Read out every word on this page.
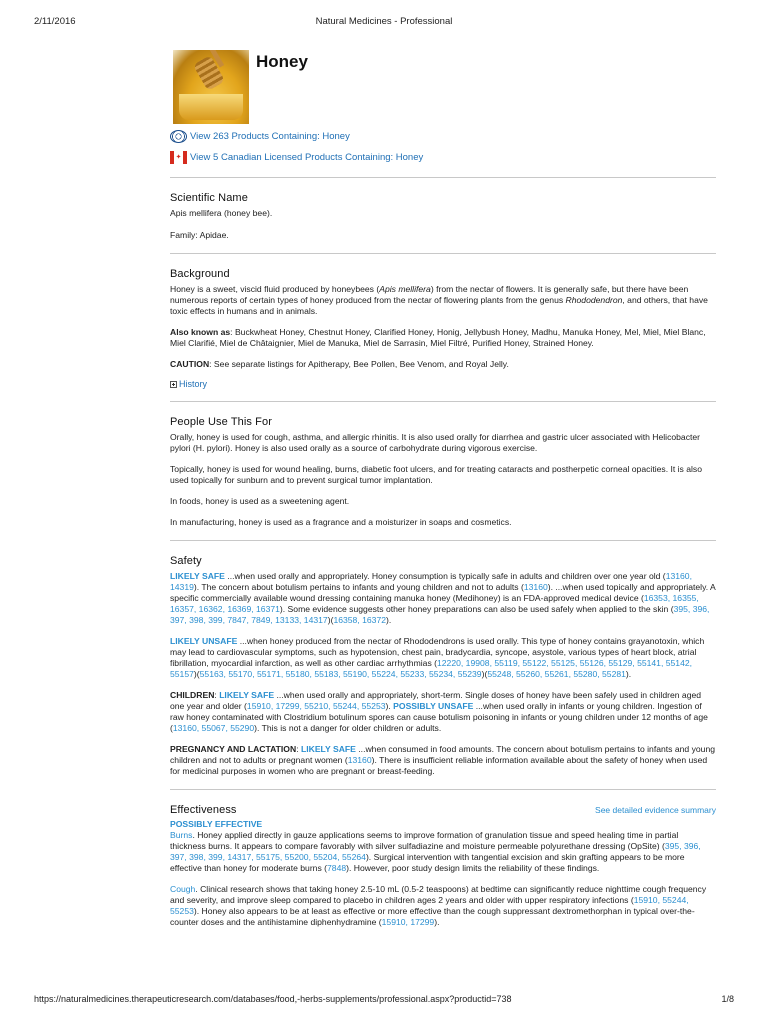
2/11/2016	Natural Medicines - Professional
Honey
View 263 Products Containing: Honey
✦ View 5 Canadian Licensed Products Containing: Honey
Scientific Name

Apis mellifera (honey bee).

Family: Apidae.

Background

Honey is a sweet, viscid fluid produced by honeybees (Apis mellifera) from the nectar of flowers. It is generally safe, but there have been numerous reports of certain types of honey produced from the nectar of flowering plants from the genus Rhododendron, and others, that have toxic effects in humans and in animals.

Also known as: Buckwheat Honey, Chestnut Honey, Clarified Honey, Honig, Jellybush Honey, Madhu, Manuka Honey, Mel, Miel, Miel Blanc, Miel Clarifié, Miel de Châtaignier, Miel de Manuka, Miel de Sarrasin, Miel Filtré, Purified Honey, Strained Honey.

CAUTION: See separate listings for Apitherapy, Bee Pollen, Bee Venom, and Royal Jelly.

History
People Use This For

Orally, honey is used for cough, asthma, and allergic rhinitis. It is also used orally for diarrhea and gastric ulcer associated with Helicobacter pylori (H. pylori). Honey is also used orally as a source of carbohydrate during vigorous exercise.

Topically, honey is used for wound healing, burns, diabetic foot ulcers, and for treating cataracts and postherpetic corneal opacities. It is also used topically for sunburn and to prevent surgical tumor implantation.

In foods, honey is used as a sweetening agent.

In manufacturing, honey is used as a fragrance and a moisturizer in soaps and cosmetics.

Safety

LIKELY SAFE ...when used orally and appropriately. Honey consumption is typically safe in adults and children over one year old (13160, 14319). The concern about botulism pertains to infants and young children and not to adults (13160). ...when used topically and appropriately. A specific commercially available wound dressing containing manuka honey (Medihoney) is an FDA-approved medical device (16353, 16355, 16357, 16362, 16369, 16371). Some evidence suggests other honey preparations can also be used safely when applied to the skin (395, 396, 397, 398, 399, 7847, 7849, 13133, 14317)(16358, 16372).

LIKELY UNSAFE ...when honey produced from the nectar of Rhododendrons is used orally. This type of honey contains grayanotoxin, which may lead to cardiovascular symptoms, such as hypotension, chest pain, bradycardia, syncope, asystole, various types of heart block, atrial fibrillation, myocardial infarction, as well as other cardiac arrhythmias (12220, 19908, 55119, 55122, 55125, 55126, 55129, 55141, 55142, 55157)(55163, 55170, 55171, 55180, 55183, 55190, 55224, 55233, 55234, 55239)(55248, 55260, 55261, 55280, 55281).

CHILDREN: LIKELY SAFE ...when used orally and appropriately, short-term. Single doses of honey have been safely used in children aged one year and older (15910, 17299, 55210, 55244, 55253). POSSIBLY UNSAFE ...when used orally in infants or young children. Ingestion of raw honey contaminated with Clostridium botulinum spores can cause botulism poisoning in infants or young children under 12 months of age (13160, 55067, 55290). This is not a danger for older children or adults.

PREGNANCY AND LACTATION: LIKELY SAFE ...when consumed in food amounts. The concern about botulism pertains to infants and young children and not to adults or pregnant women (13160). There is insufficient reliable information available about the safety of honey when used for medicinal purposes in women who are pregnant or breast-feeding.

Effectiveness	See detailed evidence summary

POSSIBLY EFFECTIVE

Burns. Honey applied directly in gauze applications seems to improve formation of granulation tissue and speed healing time in partial thickness burns. It appears to compare favorably with silver sulfadiazine and moisture permeable polyurethane dressing (OpSite) (395, 396, 397, 398, 399, 14317, 55175, 55200, 55204, 55264). Surgical intervention with tangential excision and skin grafting appears to be more effective than honey for moderate burns (7848). However, poor study design limits the reliability of these findings.

Cough. Clinical research shows that taking honey 2.5-10 mL (0.5-2 teaspoons) at bedtime can significantly reduce nighttime cough frequency and severity, and improve sleep compared to placebo in children ages 2 years and older with upper respiratory infections (15910, 55244, 55253). Honey also appears to be at least as effective or more effective than the cough suppressant dextromethorphan in typical over-the-counter doses and the antihistamine diphenhydramine (15910, 17299).

https://naturalmedicines.therapeuticresearch.com/databases/food,-herbs-supplements/professional.aspx?productid=738	1/8
